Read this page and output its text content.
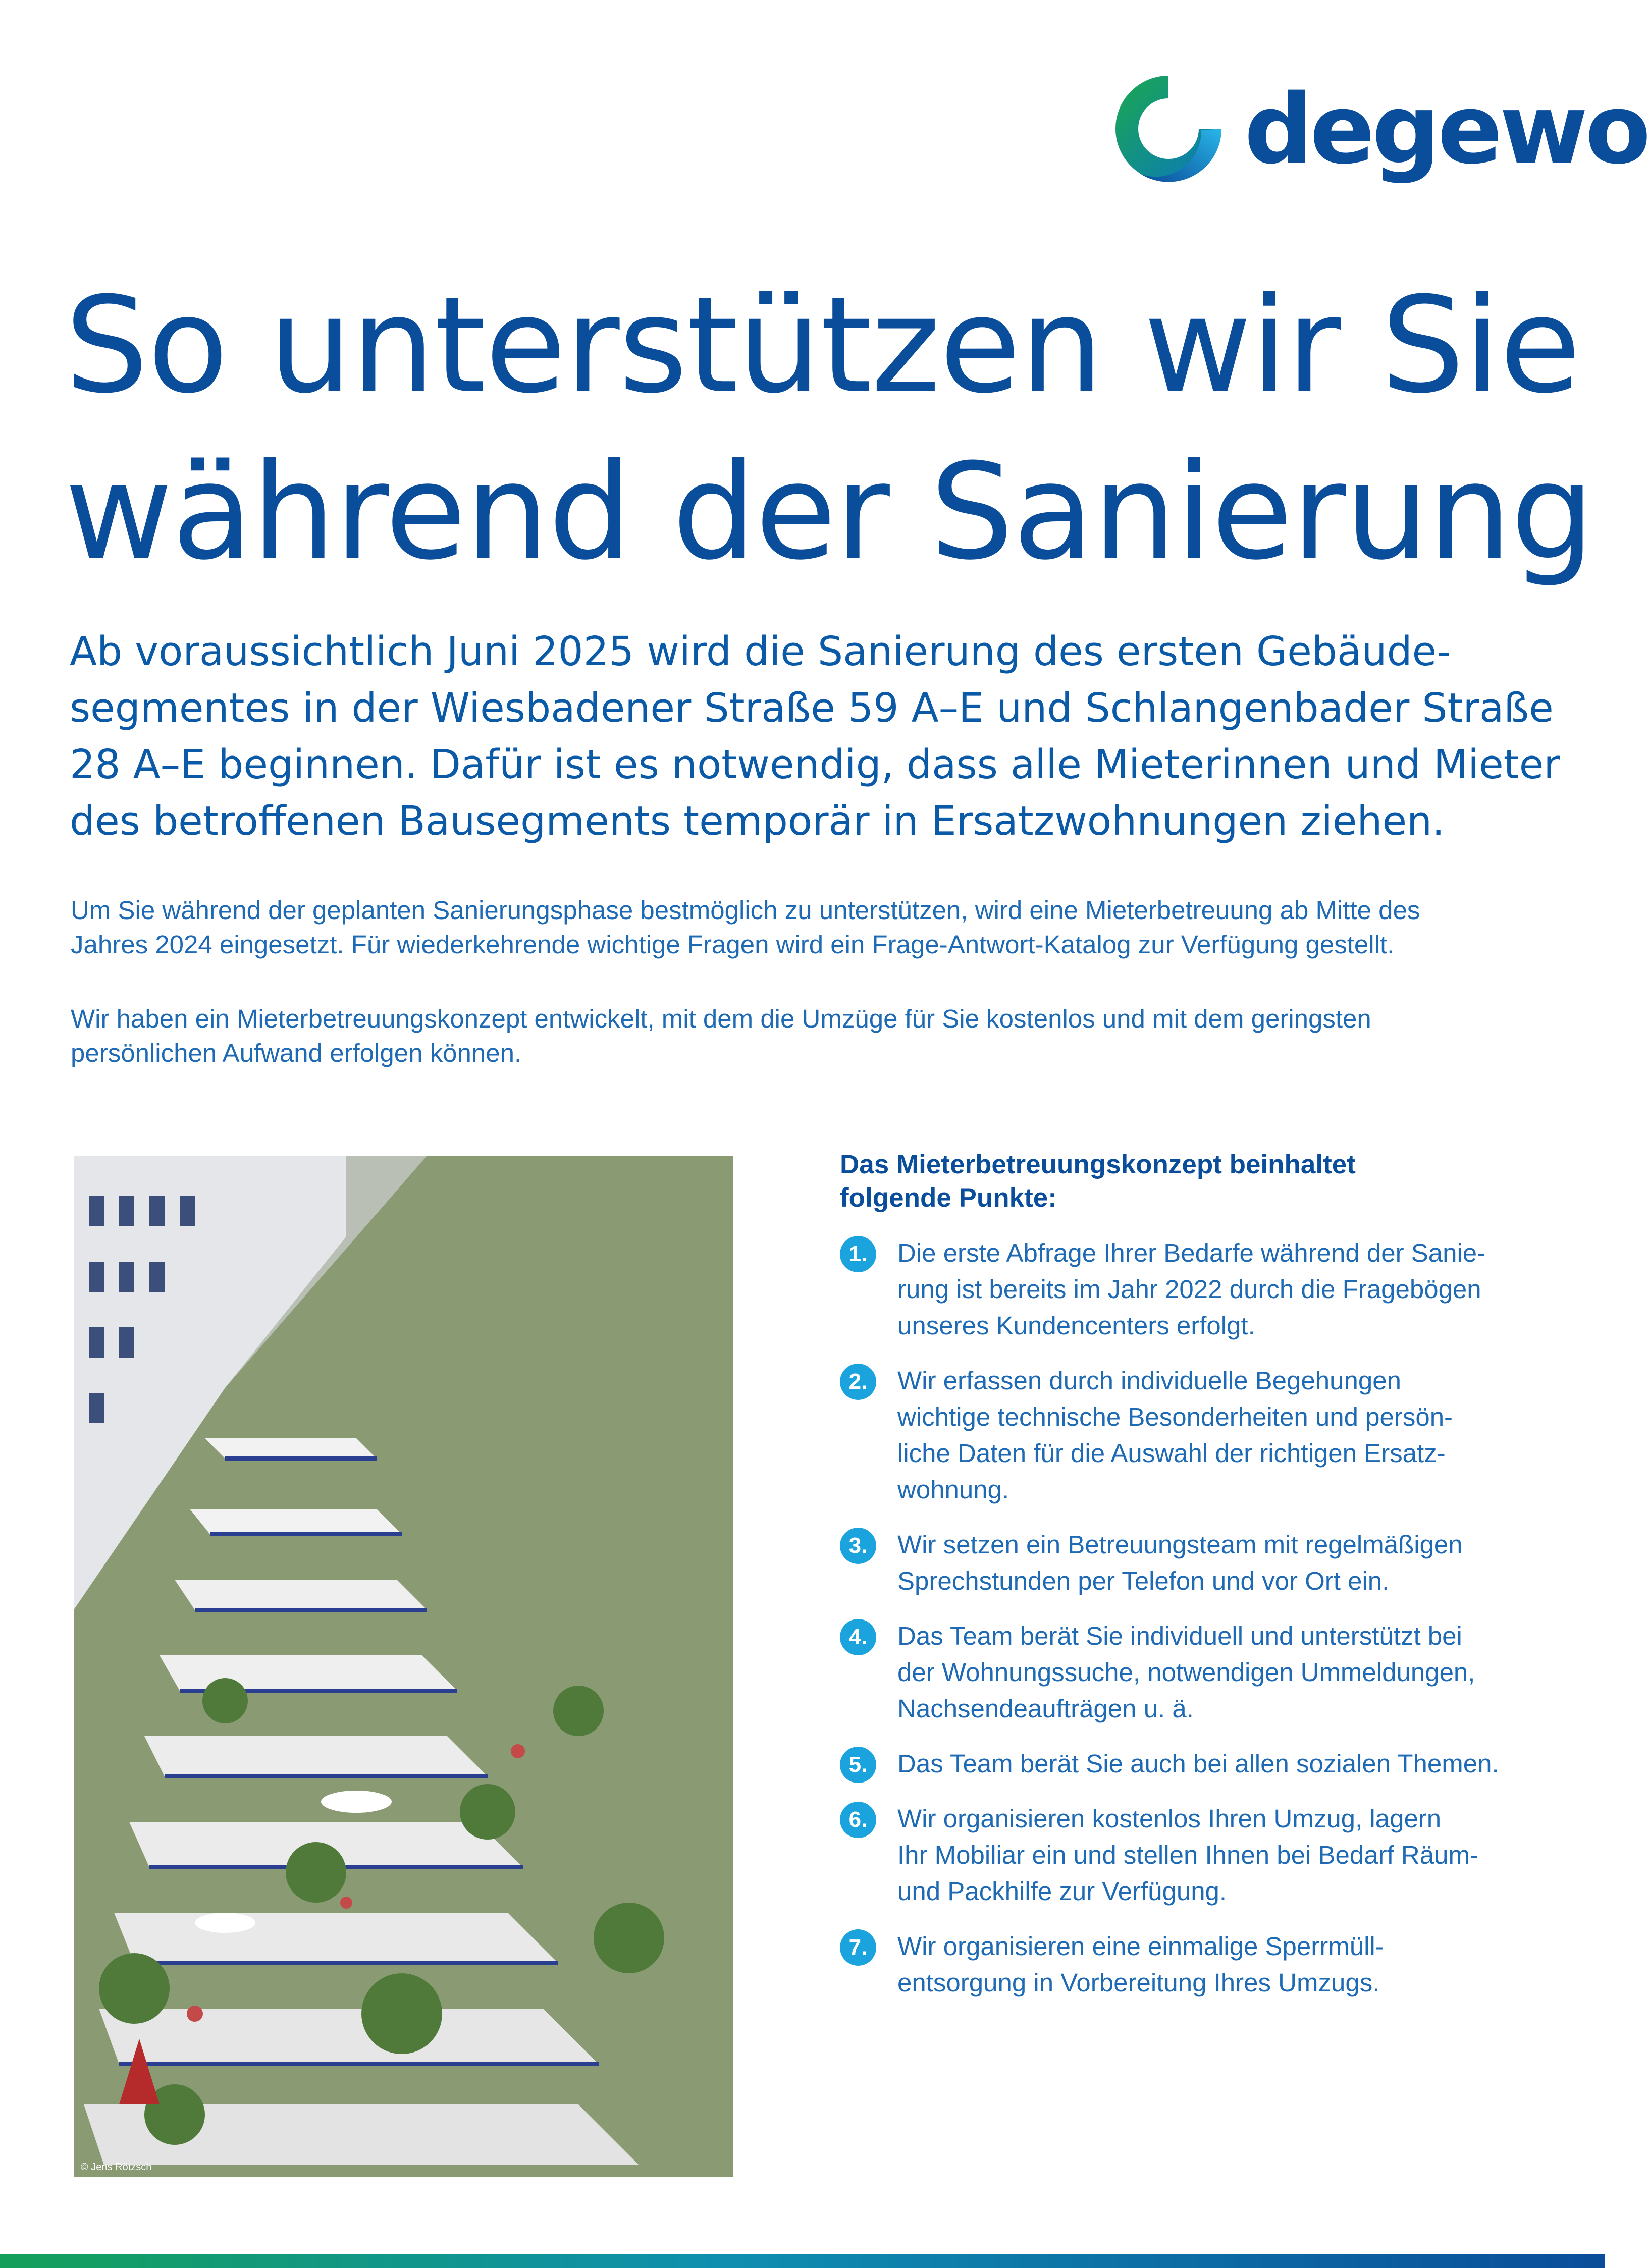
degewo
So unterstützen wir Sie
während der Sanierung

Ab voraussichtlich Juni 2025 wird die Sanierung des ersten Gebäude-
segmentes in der Wiesbadener Straße 59 A–E und Schlangenbader Straße
28 A–E beginnen. Dafür ist es notwendig, dass alle Mieterinnen und Mieter
des betroffenen Bausegments temporär in Ersatzwohnungen ziehen.

Um Sie während der geplanten Sanierungsphase bestmöglich zu unterstützen, wird eine Mieterbetreuung ab Mitte des
Jahres 2024 eingesetzt. Für wiederkehrende wichtige Fragen wird ein Frage-Antwort-Katalog zur Verfügung gestellt.

Wir haben ein Mieterbetreuungskonzept entwickelt, mit dem die Umzüge für Sie kostenlos und mit dem geringsten
persönlichen Aufwand erfolgen können.

© Jens Rötzsch
Das Mieterbetreuungskonzept beinhaltet
folgende Punkte:
1.	Die erste Abfrage Ihrer Bedarfe während der Sanie-
rung ist bereits im Jahr 2022 durch die Fragebögen
unseres Kundencenters erfolgt.

2.	Wir erfassen durch individuelle Begehungen
wichtige technische Besonderheiten und persön-
liche Daten für die Auswahl der richtigen Ersatz-
wohnung.

3.	Wir setzen ein Betreuungsteam mit regelmäßigen
Sprechstunden per Telefon und vor Ort ein.

4.	Das Team berät Sie individuell und unterstützt bei
der Wohnungssuche, notwendigen Ummeldungen,
Nachsendeaufträgen u. ä.

5.	Das Team berät Sie auch bei allen sozialen Themen.

6.	Wir organisieren kostenlos Ihren Umzug, lagern
Ihr Mobiliar ein und stellen Ihnen bei Bedarf Räum-
und Packhilfe zur Verfügung.

7.	Wir organisieren eine einmalige Sperrmüll-
entsorgung in Vorbereitung Ihres Umzugs.
